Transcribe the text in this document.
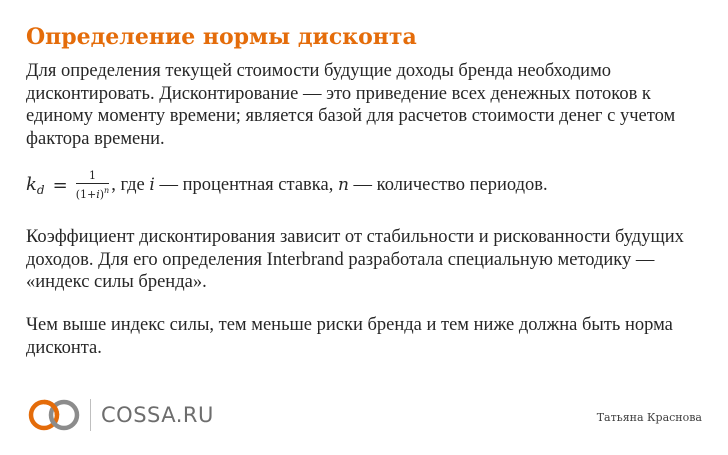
Определение нормы дисконта
Для определения текущей стоимости будущие доходы бренда необходимо дисконтировать. Дисконтирование — это приведение всех денежных потоков к единому моменту времени; является базой для расчетов стоимости денег с учетом фактора времени.
$k_d = \frac{1}{(1+i)^n}$ , где i — процентная ставка, n — количество периодов.
Коэффициент дисконтирования зависит от стабильности и рискованности будущих доходов. Для его определения Interbrand разработала специальную методику — «индекс силы бренда».
Чем выше индекс силы, тем меньше риски бренда и тем ниже должна быть норма дисконта.
COSSA.RU	Татьяна Краснова
